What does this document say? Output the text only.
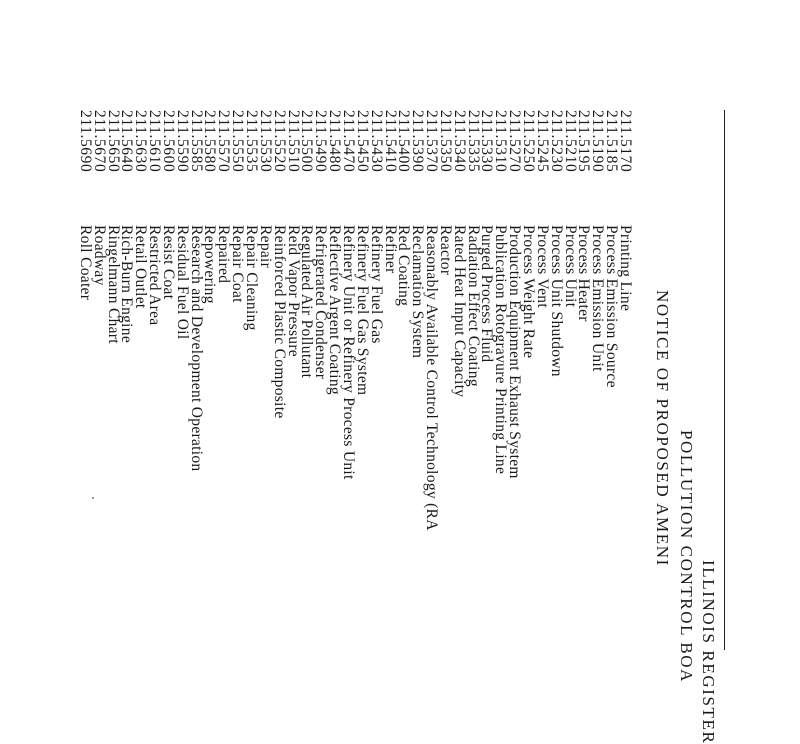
ILLINOIS REGISTER
POLLUTION CONTROL BOA
NOTICE OF PROPOSED AMENI
211.5170
Printing Line
211.5185
Process Emission Source
211.5190
Process Emission Unit
211.5195
Process Heater
211.5210
Process Unit
211.5230
Process Unit Shutdown
211.5245
Process Vent
211.5250
Process Weight Rate
211.5270
Production Equipment Exhaust System
211.5310
Publication Rotogravure Printing Line
211.5330
Purged Process Fluid
211.5335
Radiation Effect Coating
211.5340
Rated Heat Input Capacity
211.5350
Reactor
211.5370
Reasonably Available Control Technology (RA
211.5390
Reclamation System
211.5400
Red Coating
211.5410
Refiner
211.5430
Refinery Fuel Gas
211.5450
Refinery Fuel Gas System
211.5470
Refinery Unit or Refinery Process Unit
211.5480
Reflective Argent Coating
211.5490
Refrigerated Condenser
211.5500
Regulated Air Pollutant
211.5510
Reid Vapor Pressure
211.5520
Reinforced Plastic Composite
211.5530
Repair
211.5535
Repair Cleaning
211.5550
Repair Coat
211.5570
Repaired
211.5580
Repowering
211.5585
Research and Development Operation
211.5590
Residual Fuel Oil
211.5600
Resist Coat
211.5610
Restricted Area
211.5630
Retail Outlet
211.5640
Rich-Burn Engine
211.5650
Ringelmann Chart
211.5670
Roadway
211.5690
Roll Coater
